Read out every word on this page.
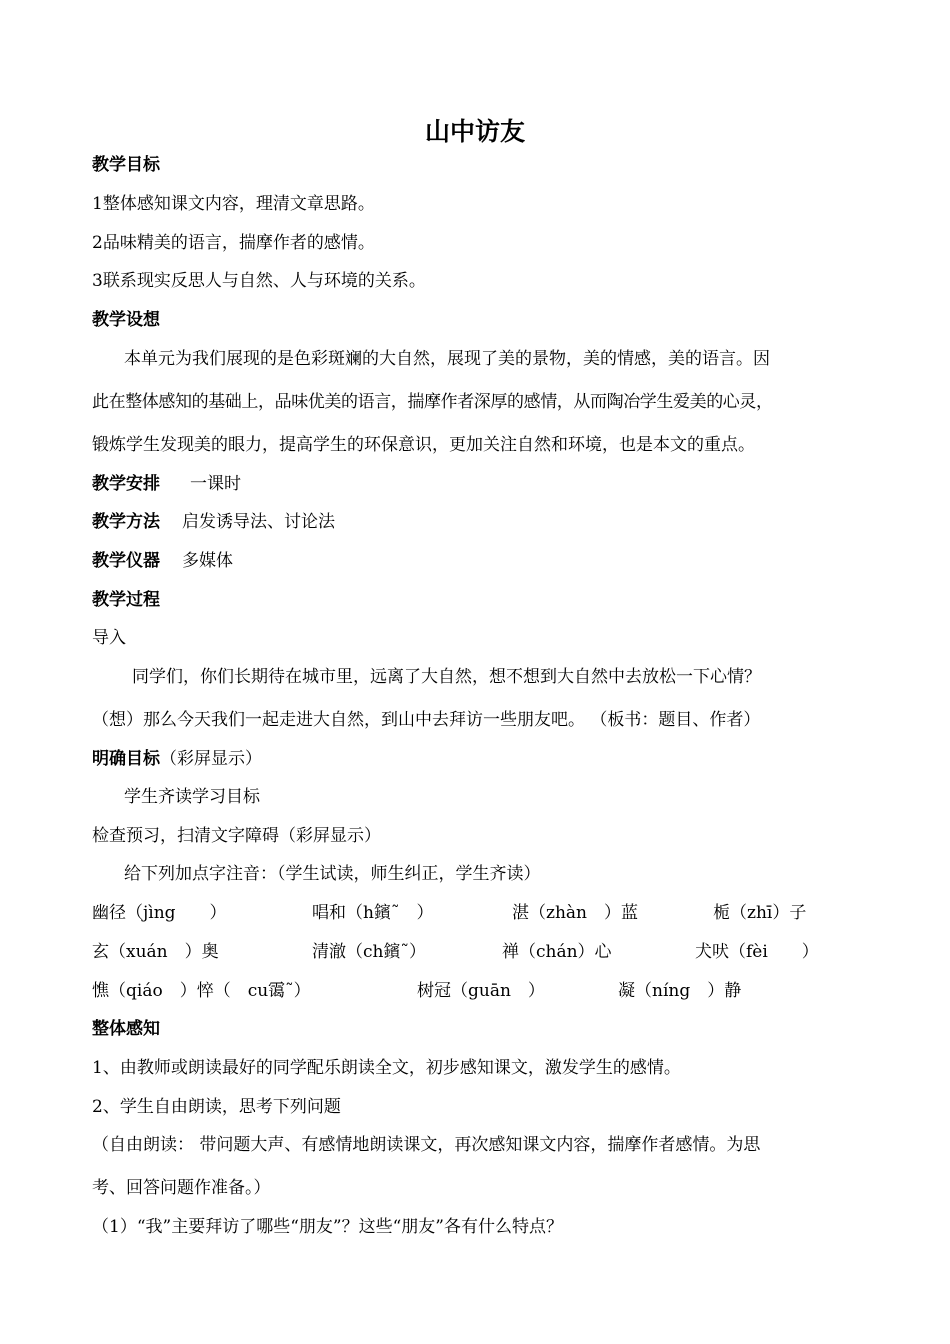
山中访友
教学目标
1整体感知课文内容，理清文章思路。
2品味精美的语言，揣摩作者的感情。
3联系现实反思人与自然、人与环境的关系。
教学设想
本单元为我们展现的是色彩斑斓的大自然，展现了美的景物，美的情感，美的语言。因
此在整体感知的基础上，品味优美的语言，揣摩作者深厚的感情，从而陶冶学生爱美的心灵，
锻炼学生发现美的眼力，提高学生的环保意识，更加关注自然和环境，也是本文的重点。
教学安排 一课时
教学方法 启发诱导法、讨论法
教学仪器 多媒体
教学过程
导入
同学们，你们长期待在城市里，远离了大自然，想不想到大自然中去放松一下心情？
（想）那么今天我们一起走进大自然，到山中去拜访一些朋友吧。 （板书：题目、作者）
明确目标（彩屏显示）
学生齐读学习目标
检查预习，扫清文字障碍（彩屏显示）
给下列加点字注音：（学生试读，师生纠正，学生齐读）
幽径（jìng　　）	唱和（h鑌˜　）	湛（zhàn　）蓝	栀（zhī）子
玄（xuán　）奥	清澈（ch鑌˜）	禅（chán）心	犬吠（fèi　　）
憔（qiáo　）悴（　cu霭˜）	树冠（guān　）	凝（níng　）静
整体感知
1、由教师或朗读最好的同学配乐朗读全文，初步感知课文，激发学生的感情。
2、学生自由朗读，思考下列问题
（自由朗读： 带问题大声、有感情地朗读课文，再次感知课文内容，揣摩作者感情。为思
考、回答问题作准备。）
（1）“我”主要拜访了哪些“朋友”？这些“朋友”各有什么特点？
